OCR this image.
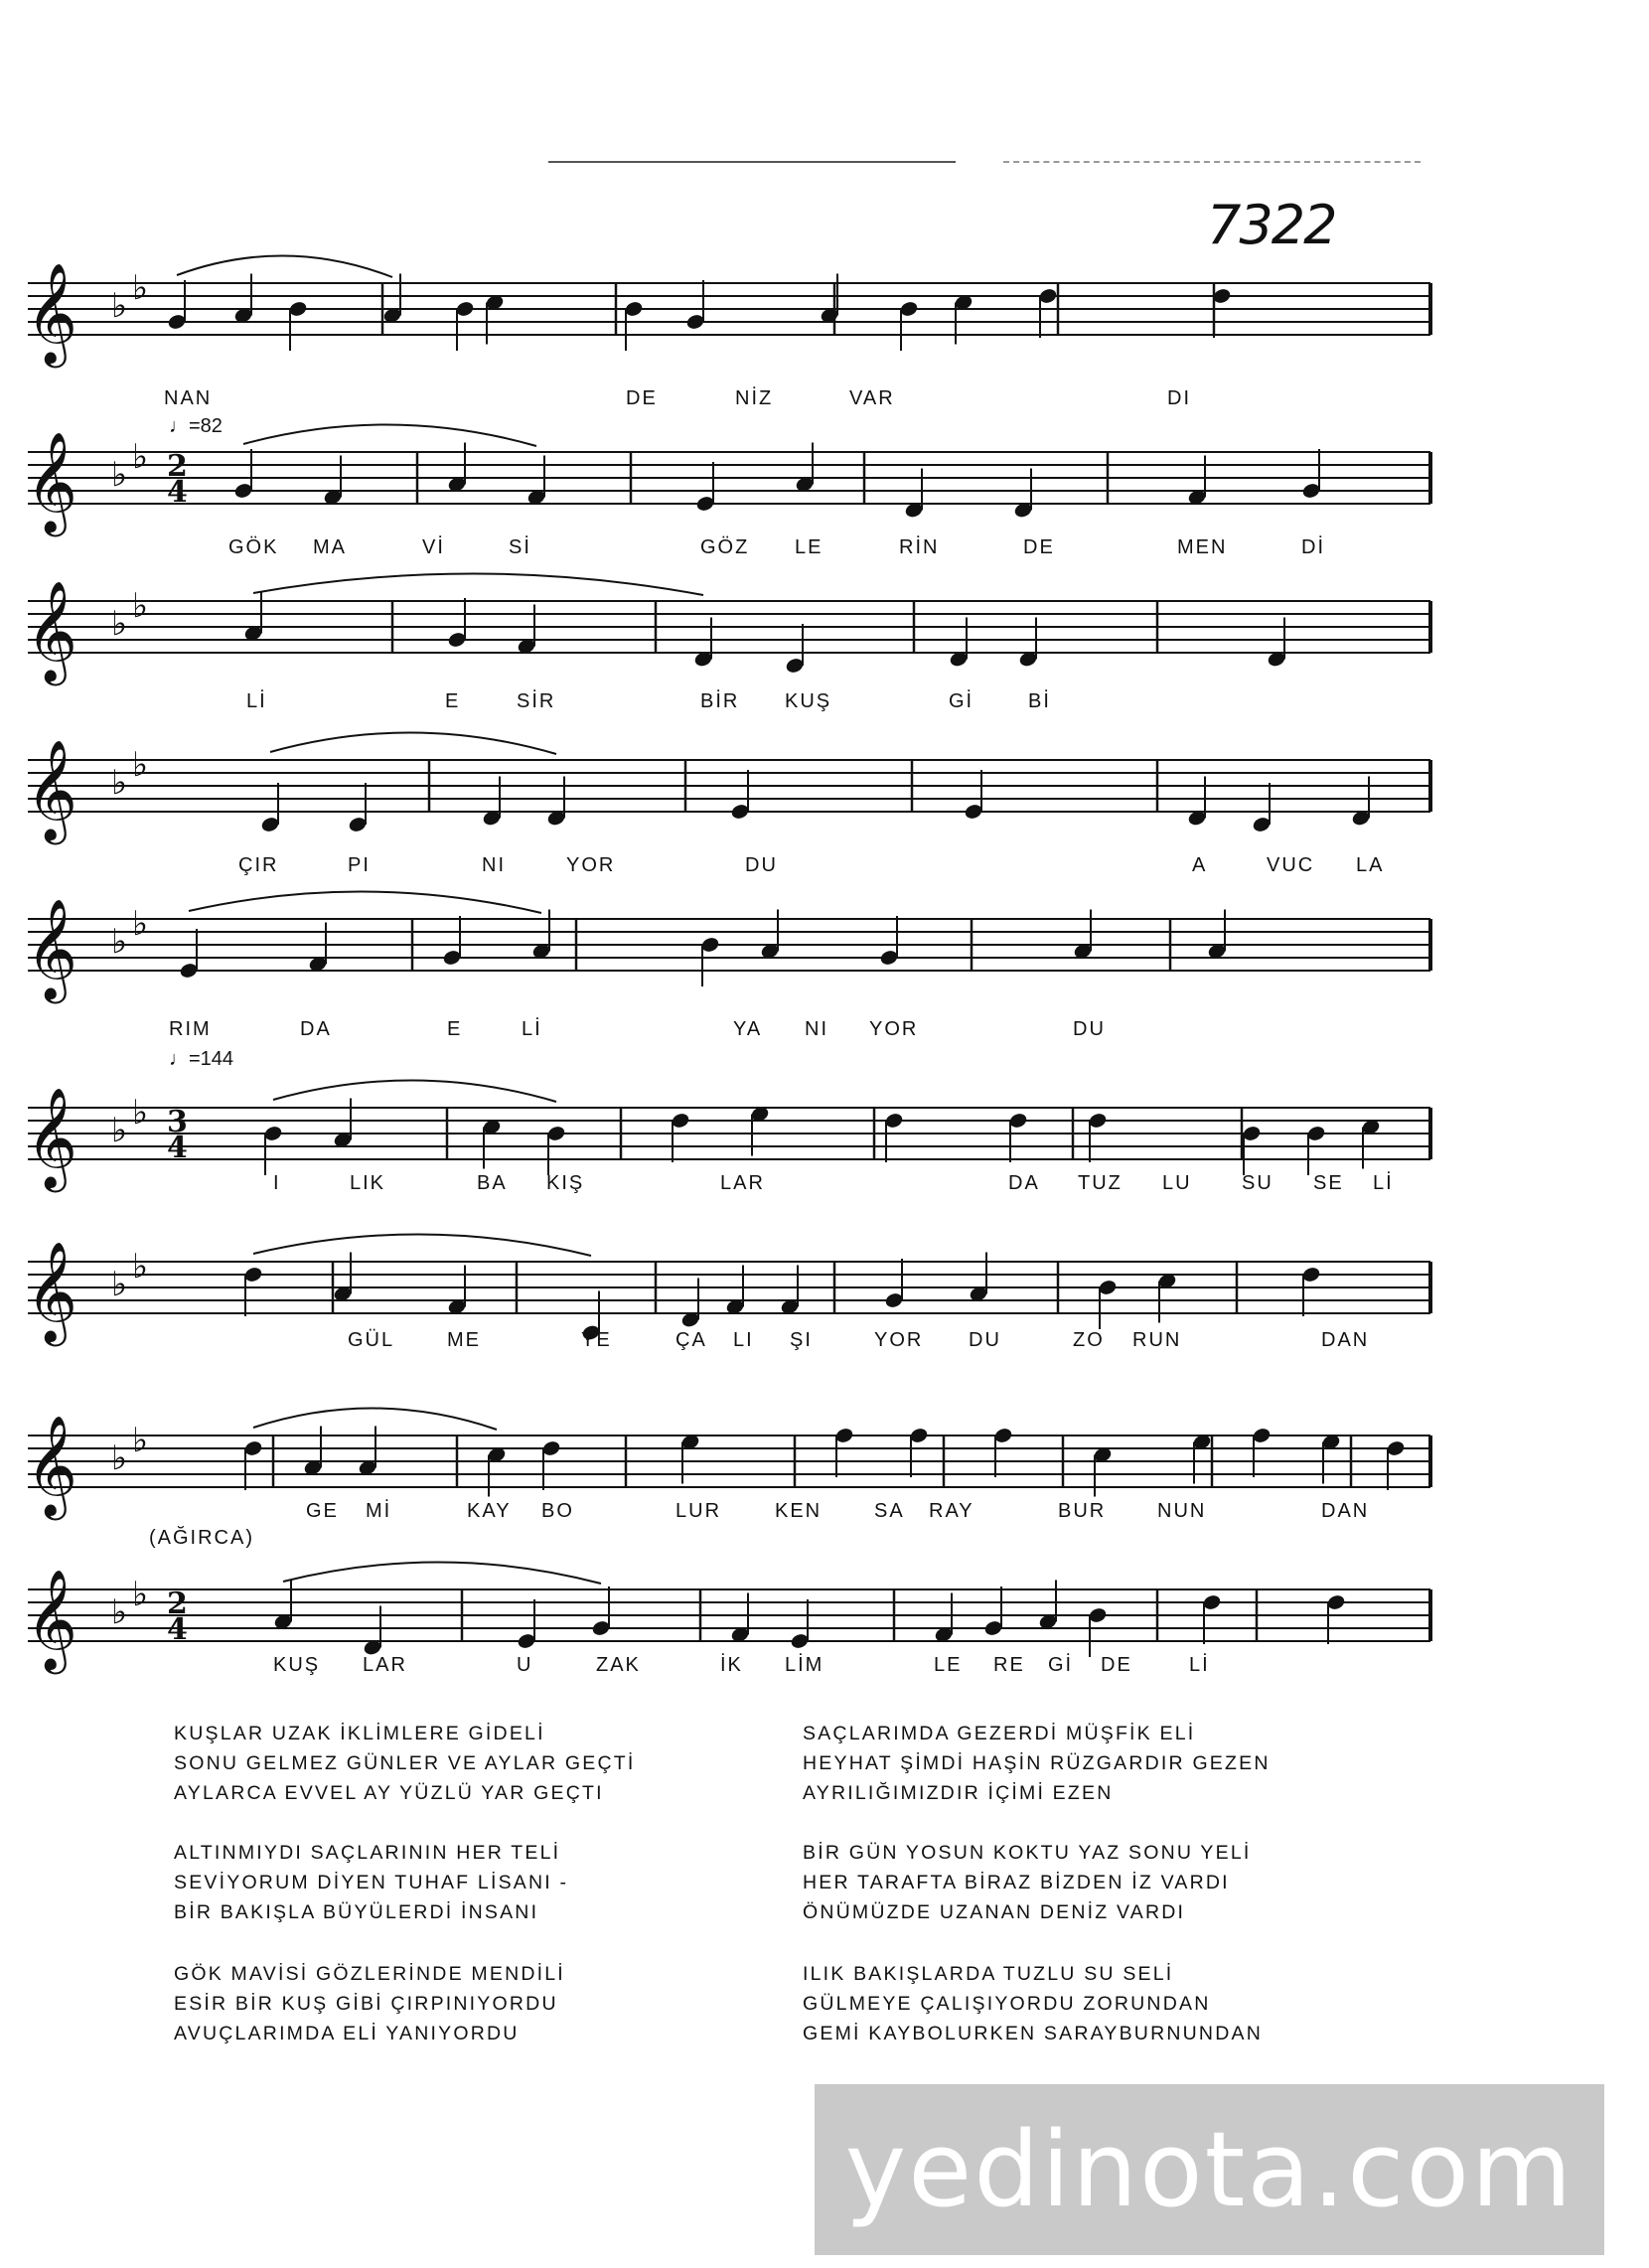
7322
♩=82
♩=144
(AĞIRCA)
𝄞 ♭ ♭
𝄞 ♭ ♭ 2
4
𝄞 ♭ ♭
𝄞 ♭ ♭
𝄞 ♭ ♭
𝄞 ♭ ♭ 3
4
𝄞 ♭ ♭
𝄞 ♭ ♭
𝄞 ♭ ♭ 2
4
NAN	DE	NİZ	VAR	DI
GÖK MA	Vİ	Sİ	GÖZ LE	RİN	DE	MEN	Dİ
Lİ	E	SİR	BİR KUŞ	Gİ	Bİ
ÇIR	PI	NI	YOR	DU	A	VUC LA
RIM	DA	E	Lİ	YA NI YOR	DU
I	LIK	BA KIŞ	LAR	DA TUZ LU	SU SE Lİ
GÜL	ME	YE	ÇA LI ŞI	YOR DU	ZO RUN	DAN
GE Mİ	KAY BO	LUR	KEN	SA RAY	BUR	NUN	DAN
KUŞ LAR	U	ZAK	İK LİM	LE RE Gİ DE	Lİ
KUŞLAR UZAK İKLİMLERE GİDELİ
SONU GELMEZ GÜNLER VE AYLAR GEÇTİ
AYLARCA EVVEL AY YÜZLÜ YAR GEÇTI
SAÇLARIMDA GEZERDİ MÜŞFİK ELİ
HEYHAT ŞİMDİ HAŞİN RÜZGARDIR GEZEN
AYRILIĞIMIZDIR İÇİMİ EZEN
ALTINMIYDI SAÇLARININ HER TELİ
SEVİYORUM DİYEN TUHAF LİSANI -
BİR BAKIŞLA BÜYÜLERDİ İNSANI
BİR GÜN YOSUN KOKTU YAZ SONU YELİ
HER TARAFTA BİRAZ BİZDEN İZ VARDI
ÖNÜMÜZDE UZANAN DENİZ VARDI
GÖK MAVİSİ GÖZLERİNDE MENDİLİ
ESİR BİR KUŞ GİBİ ÇIRPINIYORDU
AVUÇLARIMDA ELİ YANIYORDU
ILIK BAKIŞLARDA TUZLU SU SELİ
GÜLMEYE ÇALIŞIYORDU ZORUNDAN
GEMİ KAYBOLURKEN SARAYBURNUNDAN
yedinota.com
